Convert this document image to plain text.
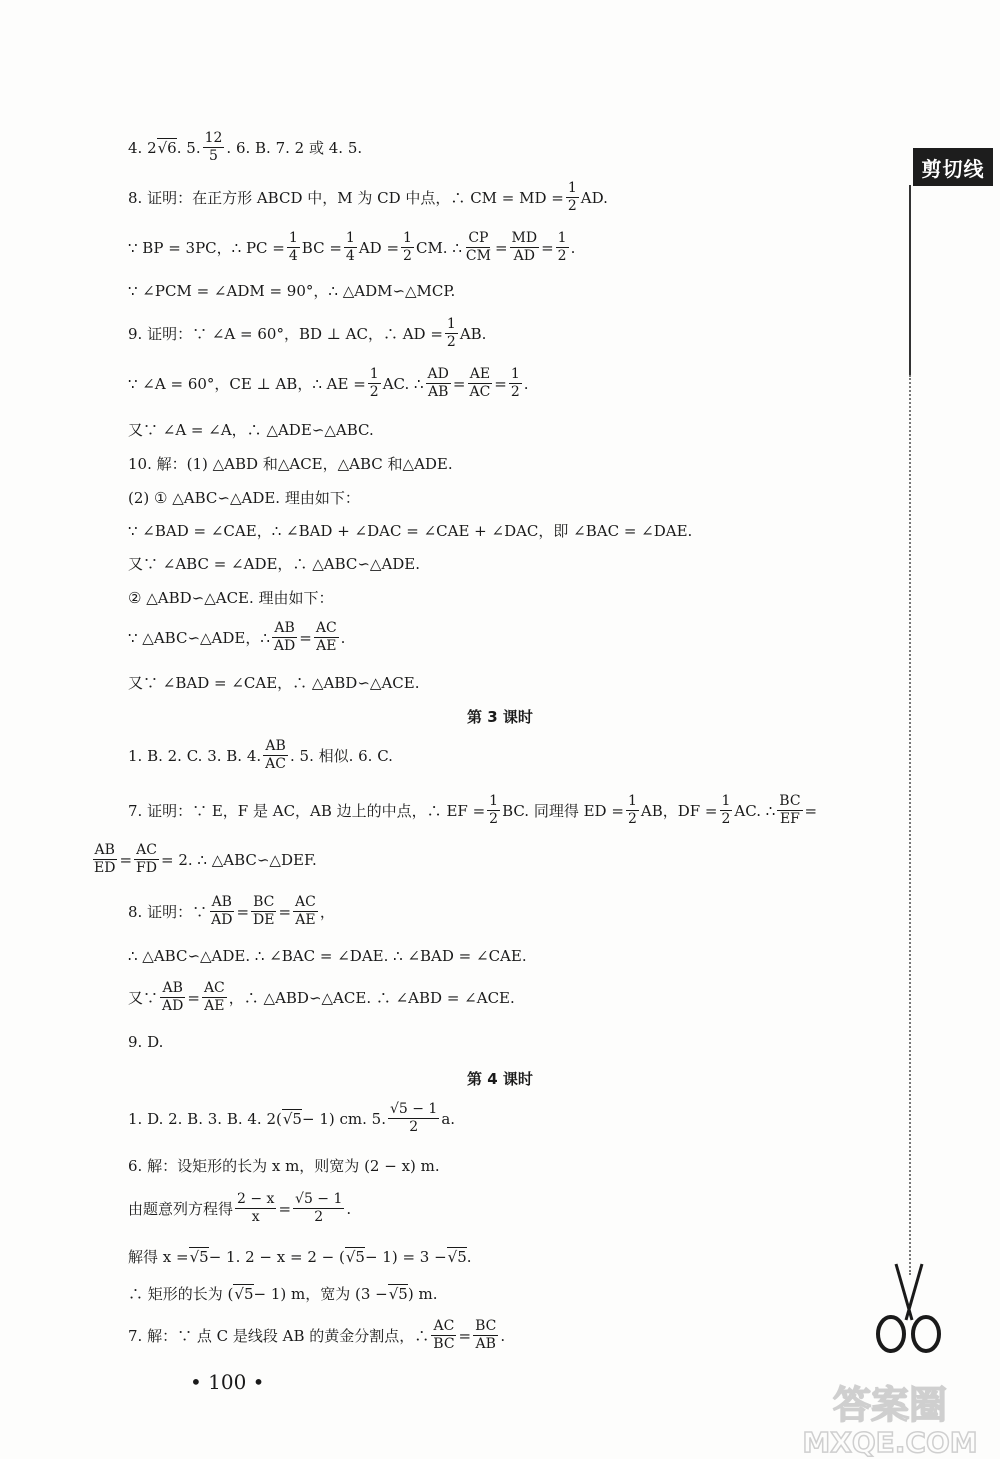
4. 2 √6 . 5. $\frac{12}{5}$ . 6. B. 7. 2 或 4. 5.
8. 证明：在正方形 ABCD 中，M 为 CD 中点，∴ CM = MD = $\frac{1}{2}$ AD.
∵ BP = 3PC，∴ PC = $\frac{1}{4}$ BC = $\frac{1}{4}$ AD = $\frac{1}{2}$ CM. ∴ $\frac{CP}{CM} = \frac{MD}{AD} = \frac{1}{2}$ .
∵ ∠PCM = ∠ADM = 90°，∴ △ADM∽△MCP.
9. 证明：∵ ∠A = 60°，BD ⊥ AC，∴ AD = $\frac{1}{2}$ AB.
∵ ∠A = 60°，CE ⊥ AB，∴ AE = $\frac{1}{2}$ AC. ∴ $\frac{AD}{AB} = \frac{AE}{AC} = \frac{1}{2}$ .
又∵ ∠A = ∠A，∴ △ADE∽△ABC.
10. 解：(1) △ABD 和△ACE，△ABC 和△ADE.
(2) ① △ABC∽△ADE. 理由如下：
∵ ∠BAD = ∠CAE，∴ ∠BAD + ∠DAC = ∠CAE + ∠DAC，即 ∠BAC = ∠DAE.
又∵ ∠ABC = ∠ADE，∴ △ABC∽△ADE.
② △ABD∽△ACE. 理由如下：
∵ △ABC∽△ADE，∴ $\frac{AB}{AD} = \frac{AC}{AE}$ .
又∵ ∠BAD = ∠CAE，∴ △ABD∽△ACE.
第 3 课时
1. B. 2. C. 3. B. 4. $\frac{AB}{AC}$ . 5. 相似. 6. C.
7. 证明：∵ E，F 是 AC，AB 边上的中点，∴ EF = $\frac{1}{2}$ BC. 同理得 ED = $\frac{1}{2}$ AB，DF = $\frac{1}{2}$ AC. ∴ $\frac{BC}{EF}$ =
$\frac{AB}{ED} = \frac{AC}{FD} = 2$. ∴ △ABC∽△DEF.
8. 证明：∵ $\frac{AB}{AD} = \frac{BC}{DE} = \frac{AC}{AE}$ ，
∴ △ABC∽△ADE. ∴ ∠BAC = ∠DAE. ∴ ∠BAD = ∠CAE.
又∵ $\frac{AB}{AD} = \frac{AC}{AE}$ ，∴ △ABD∽△ACE. ∴ ∠ABD = ∠ACE.
9. D.
第 4 课时
1. D. 2. B. 3. B. 4. 2( √5 − 1) cm. 5. $\frac{√5 - 1}{2} a$.
6. 解：设矩形的长为 x m，则宽为 (2 − x) m.
由题意列方程得 $\frac{2 - x}{x} = \frac{√5 - 1}{2}$ .
解得 x = √5 − 1. 2 − x = 2 − ( √5 − 1) = 3 − √5 .
∴ 矩形的长为 ( √5 − 1) m，宽为 (3 − √5 ) m.
7. 解：∵ 点 C 是线段 AB 的黄金分割点，∴ $\frac{AC}{BC} = \frac{BC}{AB}$ .
剪切线
• 100 •
答案圈
MXQE.COM
